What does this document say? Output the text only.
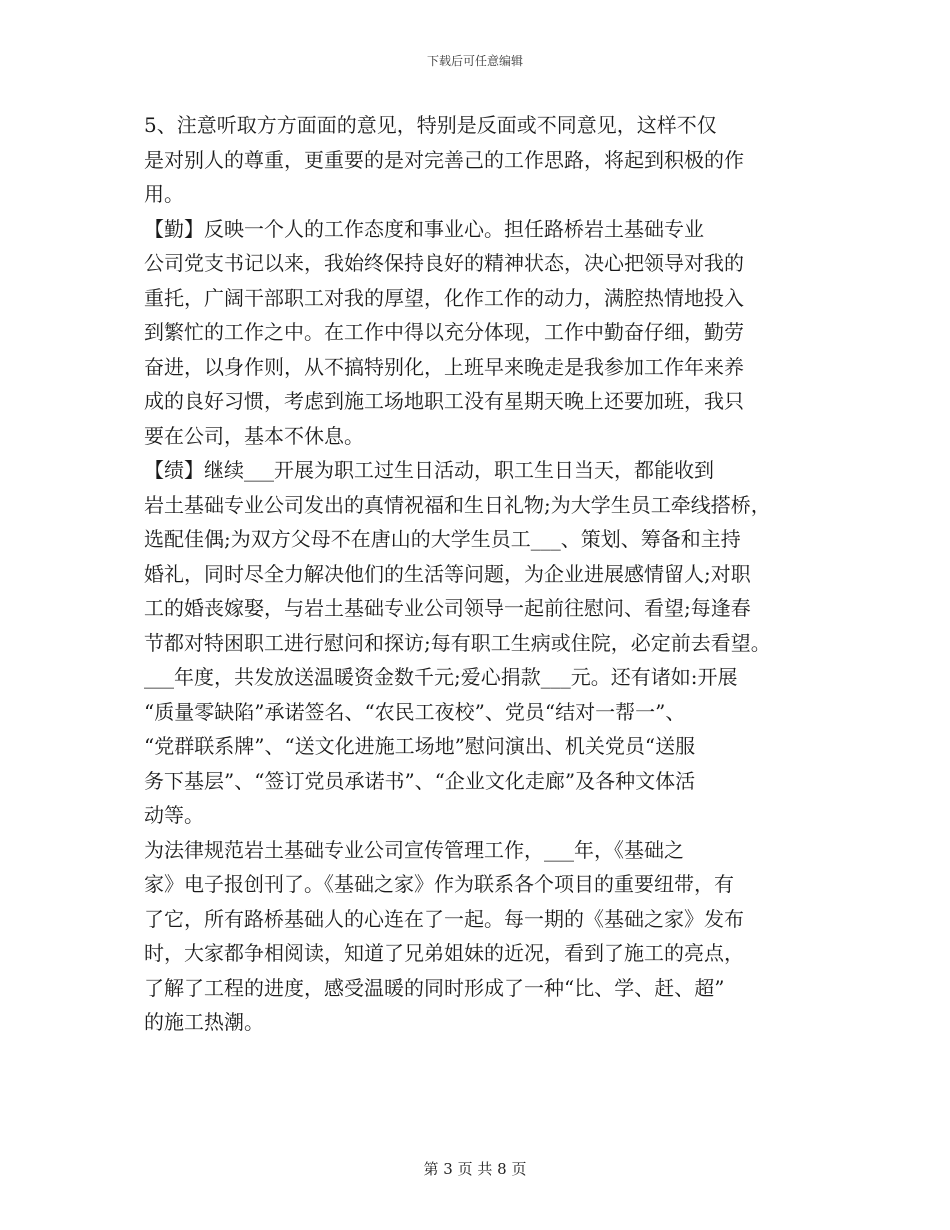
下载后可任意编辑

5、注意听取方方面面的意见，特别是反面或不同意见，这样不仅
是对别人的尊重，更重要的是对完善己的工作思路，将起到积极的作
用。

【勤】反映一个人的工作态度和事业心。担任路桥岩土基础专业
公司党支书记以来，我始终保持良好的精神状态，决心把领导对我的
重托，广阔干部职工对我的厚望，化作工作的动力，满腔热情地投入
到繁忙的工作之中。在工作中得以充分体现，工作中勤奋仔细，勤劳
奋进，以身作则，从不搞特别化，上班早来晚走是我参加工作年来养
成的良好习惯，考虑到施工场地职工没有星期天晚上还要加班，我只
要在公司，基本不休息。

【绩】继续___开展为职工过生日活动，职工生日当天，都能收到
岩土基础专业公司发出的真情祝福和生日礼物;为大学生员工牵线搭桥，
选配佳偶;为双方父母不在唐山的大学生员工___、策划、筹备和主持
婚礼，同时尽全力解决他们的生活等问题，为企业进展感情留人;对职
工的婚丧嫁娶，与岩土基础专业公司领导一起前往慰问、看望;每逢春
节都对特困职工进行慰问和探访;每有职工生病或住院，必定前去看望。
___年度，共发放送温暖资金数千元;爱心捐款___元。还有诸如:开展
“质量零缺陷”承诺签名、“农民工夜校”、党员“结对一帮一”、
“党群联系牌”、“送文化进施工场地”慰问演出、机关党员“送服
务下基层”、“签订党员承诺书”、“企业文化走廊”及各种文体活
动等。

为法律规范岩土基础专业公司宣传管理工作，___年，《基础之
家》电子报创刊了。《基础之家》作为联系各个项目的重要纽带，有
了它，所有路桥基础人的心连在了一起。每一期的《基础之家》发布
时，大家都争相阅读，知道了兄弟姐妹的近况，看到了施工的亮点，
了解了工程的进度，感受温暖的同时形成了一种“比、学、赶、超”
的施工热潮。

第 3 页 共 8 页
